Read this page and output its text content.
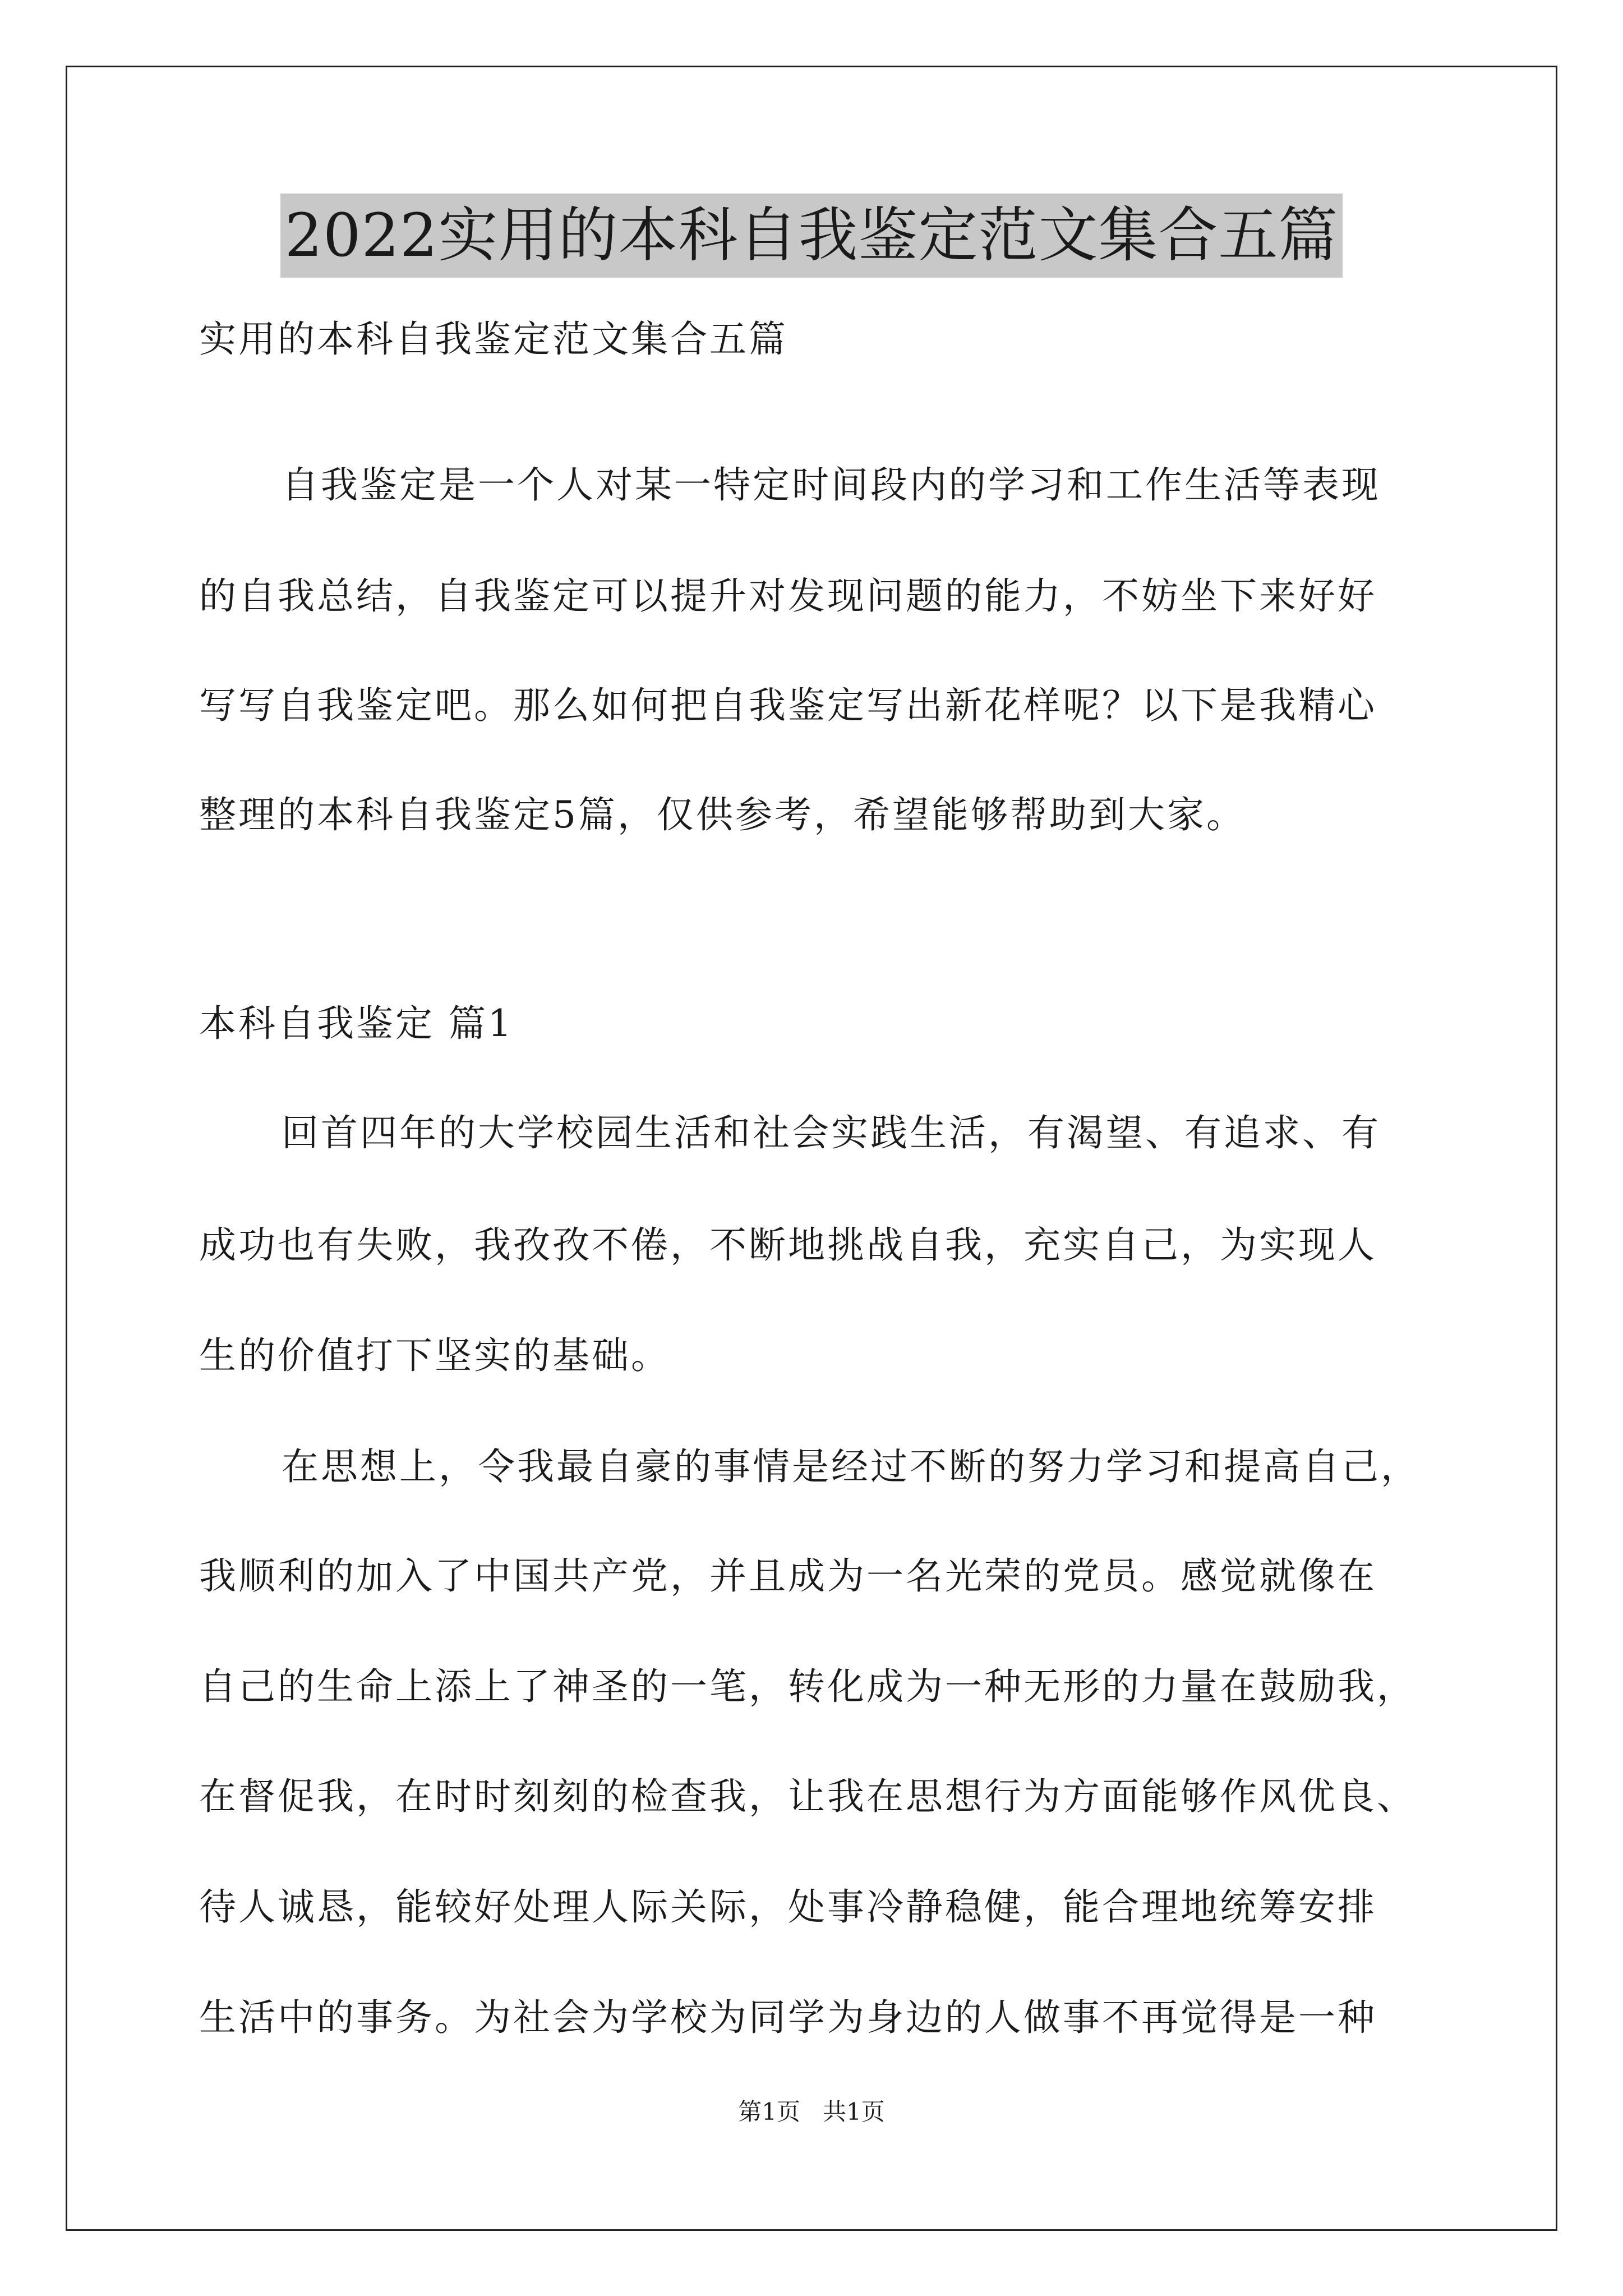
2022实用的本科自我鉴定范文集合五篇
实用的本科自我鉴定范文集合五篇
自我鉴定是一个人对某一特定时间段内的学习和工作生活等表现
的自我总结，自我鉴定可以提升对发现问题的能力，不妨坐下来好好
写写自我鉴定吧。那么如何把自我鉴定写出新花样呢？以下是我精心
整理的本科自我鉴定5篇，仅供参考，希望能够帮助到大家。
本科自我鉴定 篇1
回首四年的大学校园生活和社会实践生活，有渴望、有追求、有
成功也有失败，我孜孜不倦，不断地挑战自我，充实自己，为实现人
生的价值打下坚实的基础。
在思想上，令我最自豪的事情是经过不断的努力学习和提高自己，
我顺利的加入了中国共产党，并且成为一名光荣的党员。感觉就像在
自己的生命上添上了神圣的一笔，转化成为一种无形的力量在鼓励我，
在督促我，在时时刻刻的检查我，让我在思想行为方面能够作风优良、
待人诚恳，能较好处理人际关际，处事冷静稳健，能合理地统筹安排
生活中的事务。为社会为学校为同学为身边的人做事不再觉得是一种
第1页   共1页
